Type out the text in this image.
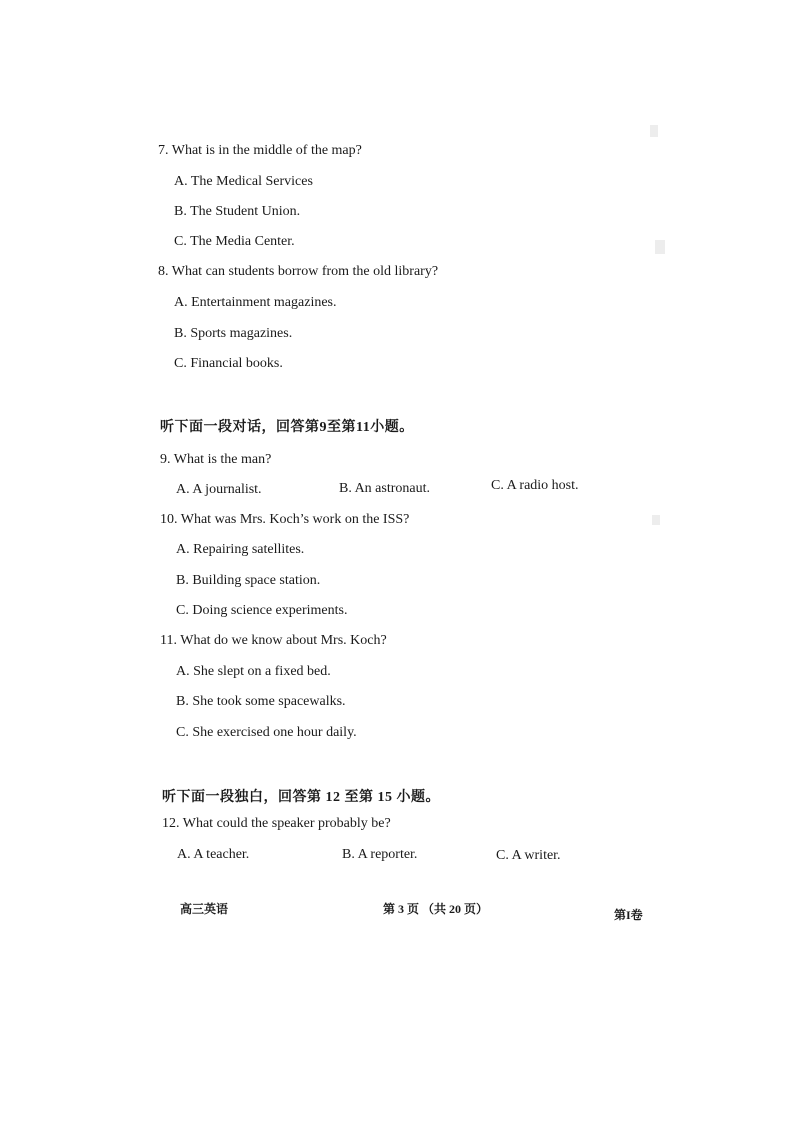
7. What is in the middle of the map?
A. The Medical Services
B. The Student Union.
C. The Media Center.
8. What can students borrow from the old library?
A. Entertainment magazines.
B. Sports magazines.
C. Financial books.
听下面一段对话，回答第9至第11小题。
9. What is the man?
A. A journalist.	B. An astronaut.	C. A radio host.
10. What was Mrs. Koch’s work on the ISS?
A. Repairing satellites.
B. Building space station.
C. Doing science experiments.
11. What do we know about Mrs. Koch?
A. She slept on a fixed bed.
B. She took some spacewalks.
C. She exercised one hour daily.
听下面一段独白，回答第 12 至第 15 小题。
12. What could the speaker probably be?
A. A teacher.	B. A reporter.	C. A writer.
高三英语	第 3 页 （共 20 页）	第I卷
